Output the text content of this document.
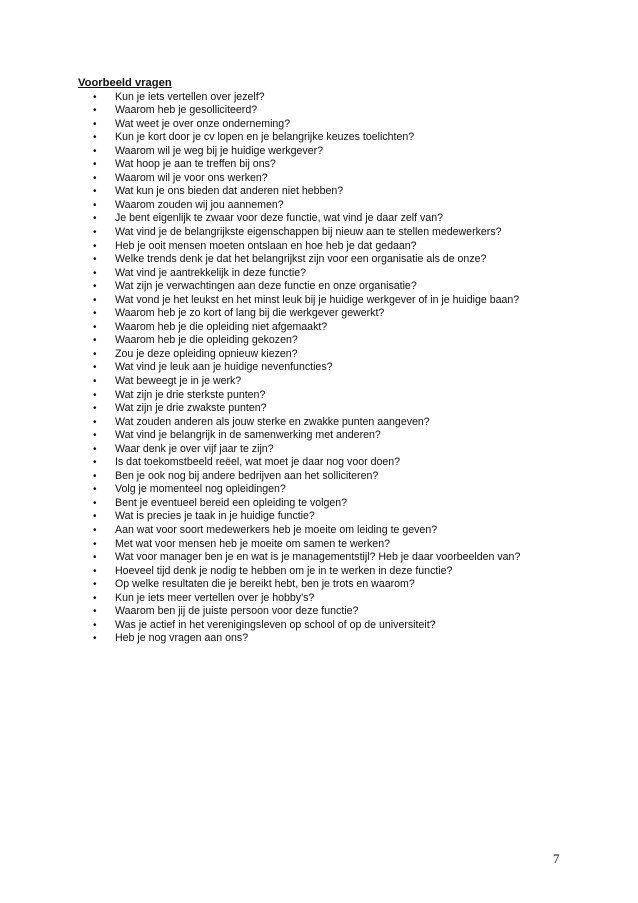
Voorbeeld vragen
• Kun je iets vertellen over jezelf?
• Waarom heb je gesolliciteerd?
• Wat weet je over onze onderneming?
• Kun je kort door je cv lopen en je belangrijke keuzes toelichten?
• Waarom wil je weg bij je huidige werkgever?
• Wat hoop je aan te treffen bij ons?
• Waarom wil je voor ons werken?
• Wat kun je ons bieden dat anderen niet hebben?
• Waarom zouden wij jou aannemen?
• Je bent eigenlijk te zwaar voor deze functie, wat vind je daar zelf van?
• Wat vind je de belangrijkste eigenschappen bij nieuw aan te stellen medewerkers?
• Heb je ooit mensen moeten ontslaan en hoe heb je dat gedaan?
• Welke trends denk je dat het belangrijkst zijn voor een organisatie als de onze?
• Wat vind je aantrekkelijk in deze functie?
• Wat zijn je verwachtingen aan deze functie en onze organisatie?
• Wat vond je het leukst en het minst leuk bij je huidige werkgever of in je huidige baan?
• Waarom heb je zo kort of lang bij die werkgever gewerkt?
• Waarom heb je die opleiding niet afgemaakt?
• Waarom heb je die opleiding gekozen?
• Zou je deze opleiding opnieuw kiezen?
• Wat vind je leuk aan je huidige nevenfuncties?
• Wat beweegt je in je werk?
• Wat zijn je drie sterkste punten?
• Wat zijn je drie zwakste punten?
• Wat zouden anderen als jouw sterke en zwakke punten aangeven?
• Wat vind je belangrijk in de samenwerking met anderen?
• Waar denk je over vijf jaar te zijn?
• Is dat toekomstbeeld reëel, wat moet je daar nog voor doen?
• Ben je ook nog bij andere bedrijven aan het solliciteren?
• Volg je momenteel nog opleidingen?
• Bent je eventueel bereid een opleiding te volgen?
• Wat is precies je taak in je huidige functie?
• Aan wat voor soort medewerkers heb je moeite om leiding te geven?
• Met wat voor mensen heb je moeite om samen te werken?
• Wat voor manager ben je en wat is je managementstijl? Heb je daar voorbeelden van?
• Hoeveel tijd denk je nodig te hebben om je in te werken in deze functie?
• Op welke resultaten die je bereikt hebt, ben je trots en waarom?
• Kun je iets meer vertellen over je hobby's?
• Waarom ben jij de juiste persoon voor deze functie?
• Was je actief in het verenigingsleven op school of op de universiteit?
• Heb je nog vragen aan ons?
7
